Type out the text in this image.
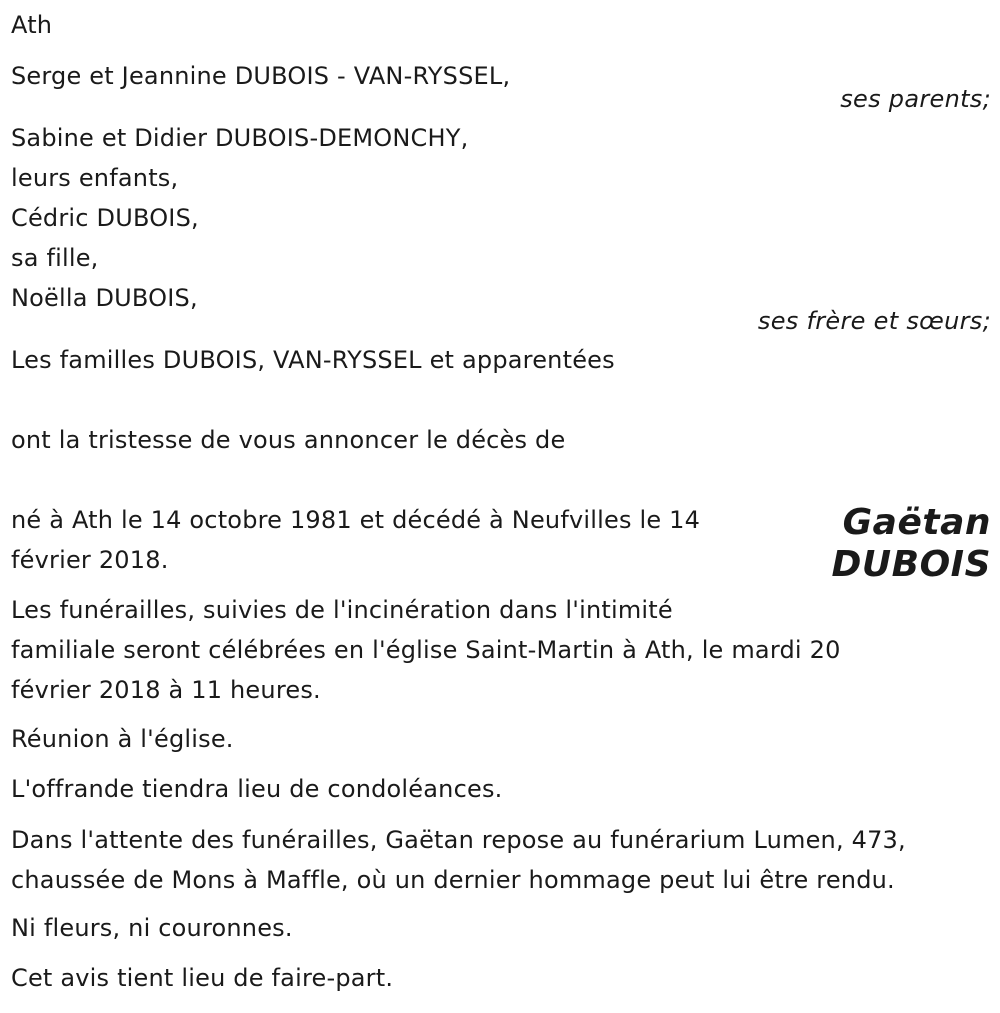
Ath
Serge et Jeannine DUBOIS - VAN-RYSSEL,
ses parents;
Sabine et Didier DUBOIS-DEMONCHY,
leurs enfants,
Cédric DUBOIS,
sa fille,
Noëlla DUBOIS,
ses frère et sœurs;
Les familles DUBOIS, VAN-RYSSEL et apparentées
ont la tristesse de vous annoncer le décès de
Gaëtan
DUBOIS
né à Ath le 14 octobre 1981 et décédé à Neufvilles le 14
février 2018.
Les funérailles, suivies de l'incinération dans l'intimité
familiale seront célébrées en l'église Saint-Martin à Ath, le mardi 20
février 2018 à 11 heures.
Réunion à l'église.
L'offrande tiendra lieu de condoléances.
Dans l'attente des funérailles, Gaëtan repose au funérarium Lumen, 473,
chaussée de Mons à Maffle, où un dernier hommage peut lui être rendu.
Ni fleurs, ni couronnes.
Cet avis tient lieu de faire-part.
